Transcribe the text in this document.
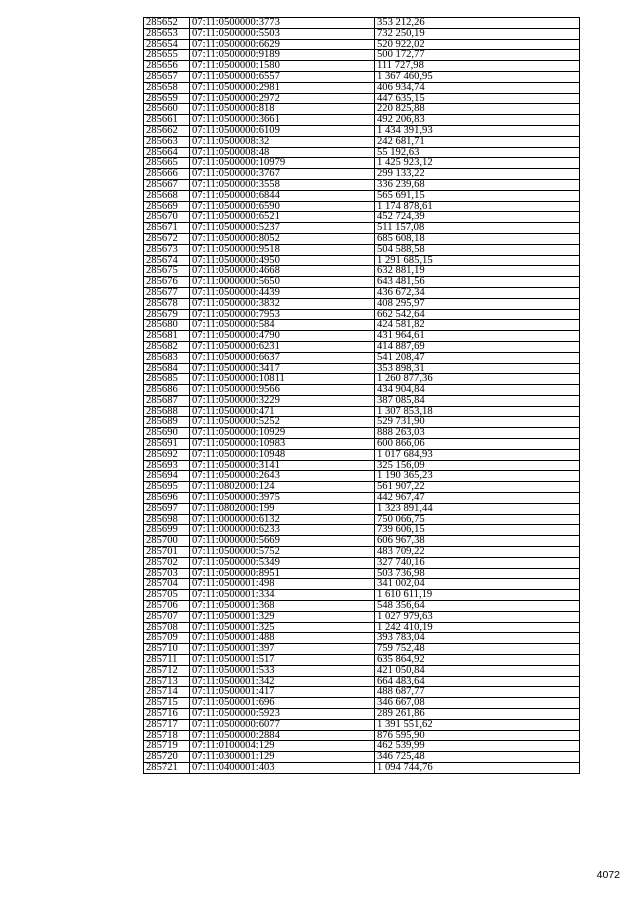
285652	07:11:0500000:3773	353 212,26
285653	07:11:0500000:5503	732 250,19
285654	07:11:0500000:6629	520 922,02
285655	07:11:0500000:9189	500 172,77
285656	07:11:0500000:1580	111 727,98
285657	07:11:0500000:6557	1 367 460,95
285658	07:11:0500000:2981	406 934,74
285659	07:11:0500000:2972	447 635,15
285660	07:11:0500000:818	220 825,88
285661	07:11:0500000:3661	492 206,83
285662	07:11:0500000:6109	1 434 391,93
285663	07:11:0500008:32	242 681,71
285664	07:11:0500008:48	55 192,63
285665	07:11:0500000:10979	1 425 923,12
285666	07:11:0500000:3767	299 133,22
285667	07:11:0500000:3558	336 239,68
285668	07:11:0500000:6844	565 691,15
285669	07:11:0500000:6590	1 174 878,61
285670	07:11:0500000:6521	452 724,39
285671	07:11:0500000:5237	511 157,08
285672	07:11:0500000:8052	685 608,18
285673	07:11:0500000:9518	504 588,58
285674	07:11:0500000:4950	1 291 685,15
285675	07:11:0500000:4668	632 881,19
285676	07:11:0000000:5650	643 481,56
285677	07:11:0500000:4439	436 672,34
285678	07:11:0500000:3832	408 295,97
285679	07:11:0500000:7953	662 542,64
285680	07:11:0500000:584	424 581,82
285681	07:11:0500000:4790	431 964,61
285682	07:11:0500000:6231	414 887,69
285683	07:11:0500000:6637	541 208,47
285684	07:11:0500000:3417	353 898,31
285685	07:11:0500000:10811	1 260 877,36
285686	07:11:0500000:9566	434 904,84
285687	07:11:0500000:3229	387 085,84
285688	07:11:0500000:471	1 307 853,18
285689	07:11:0500000:5252	529 731,90
285690	07:11:0500000:10929	888 263,03
285691	07:11:0500000:10983	600 866,06
285692	07:11:0500000:10948	1 017 684,93
285693	07:11:0500000:3141	325 156,09
285694	07:11:0500000:2643	1 190 365,23
285695	07:11:0802000:124	561 907,22
285696	07:11:0500000:3975	442 967,47
285697	07:11:0802000:199	1 323 891,44
285698	07:11:0000000:6132	750 066,75
285699	07:11:0000000:6233	739 606,15
285700	07:11:0000000:5669	606 967,38
285701	07:11:0500000:5752	483 709,22
285702	07:11:0500000:5349	327 740,16
285703	07:11:0500000:8951	503 736,98
285704	07:11:0500001:498	341 002,04
285705	07:11:0500001:334	1 610 611,19
285706	07:11:0500001:368	548 356,64
285707	07:11:0500001:329	1 027 979,63
285708	07:11:0500001:325	1 242 410,19
285709	07:11:0500001:488	393 783,04
285710	07:11:0500001:397	759 752,48
285711	07:11:0500001:517	635 864,92
285712	07:11:0500001:533	421 050,84
285713	07:11:0500001:342	664 483,64
285714	07:11:0500001:417	488 687,77
285715	07:11:0500001:696	346 667,08
285716	07:11:0500000:5923	289 261,86
285717	07:11:0500000:6077	1 391 551,62
285718	07:11:0500000:2884	876 595,90
285719	07:11:0100004:129	462 539,99
285720	07:11:0300001:129	346 725,48
285721	07:11:0400001:403	1 094 744,76
4072
